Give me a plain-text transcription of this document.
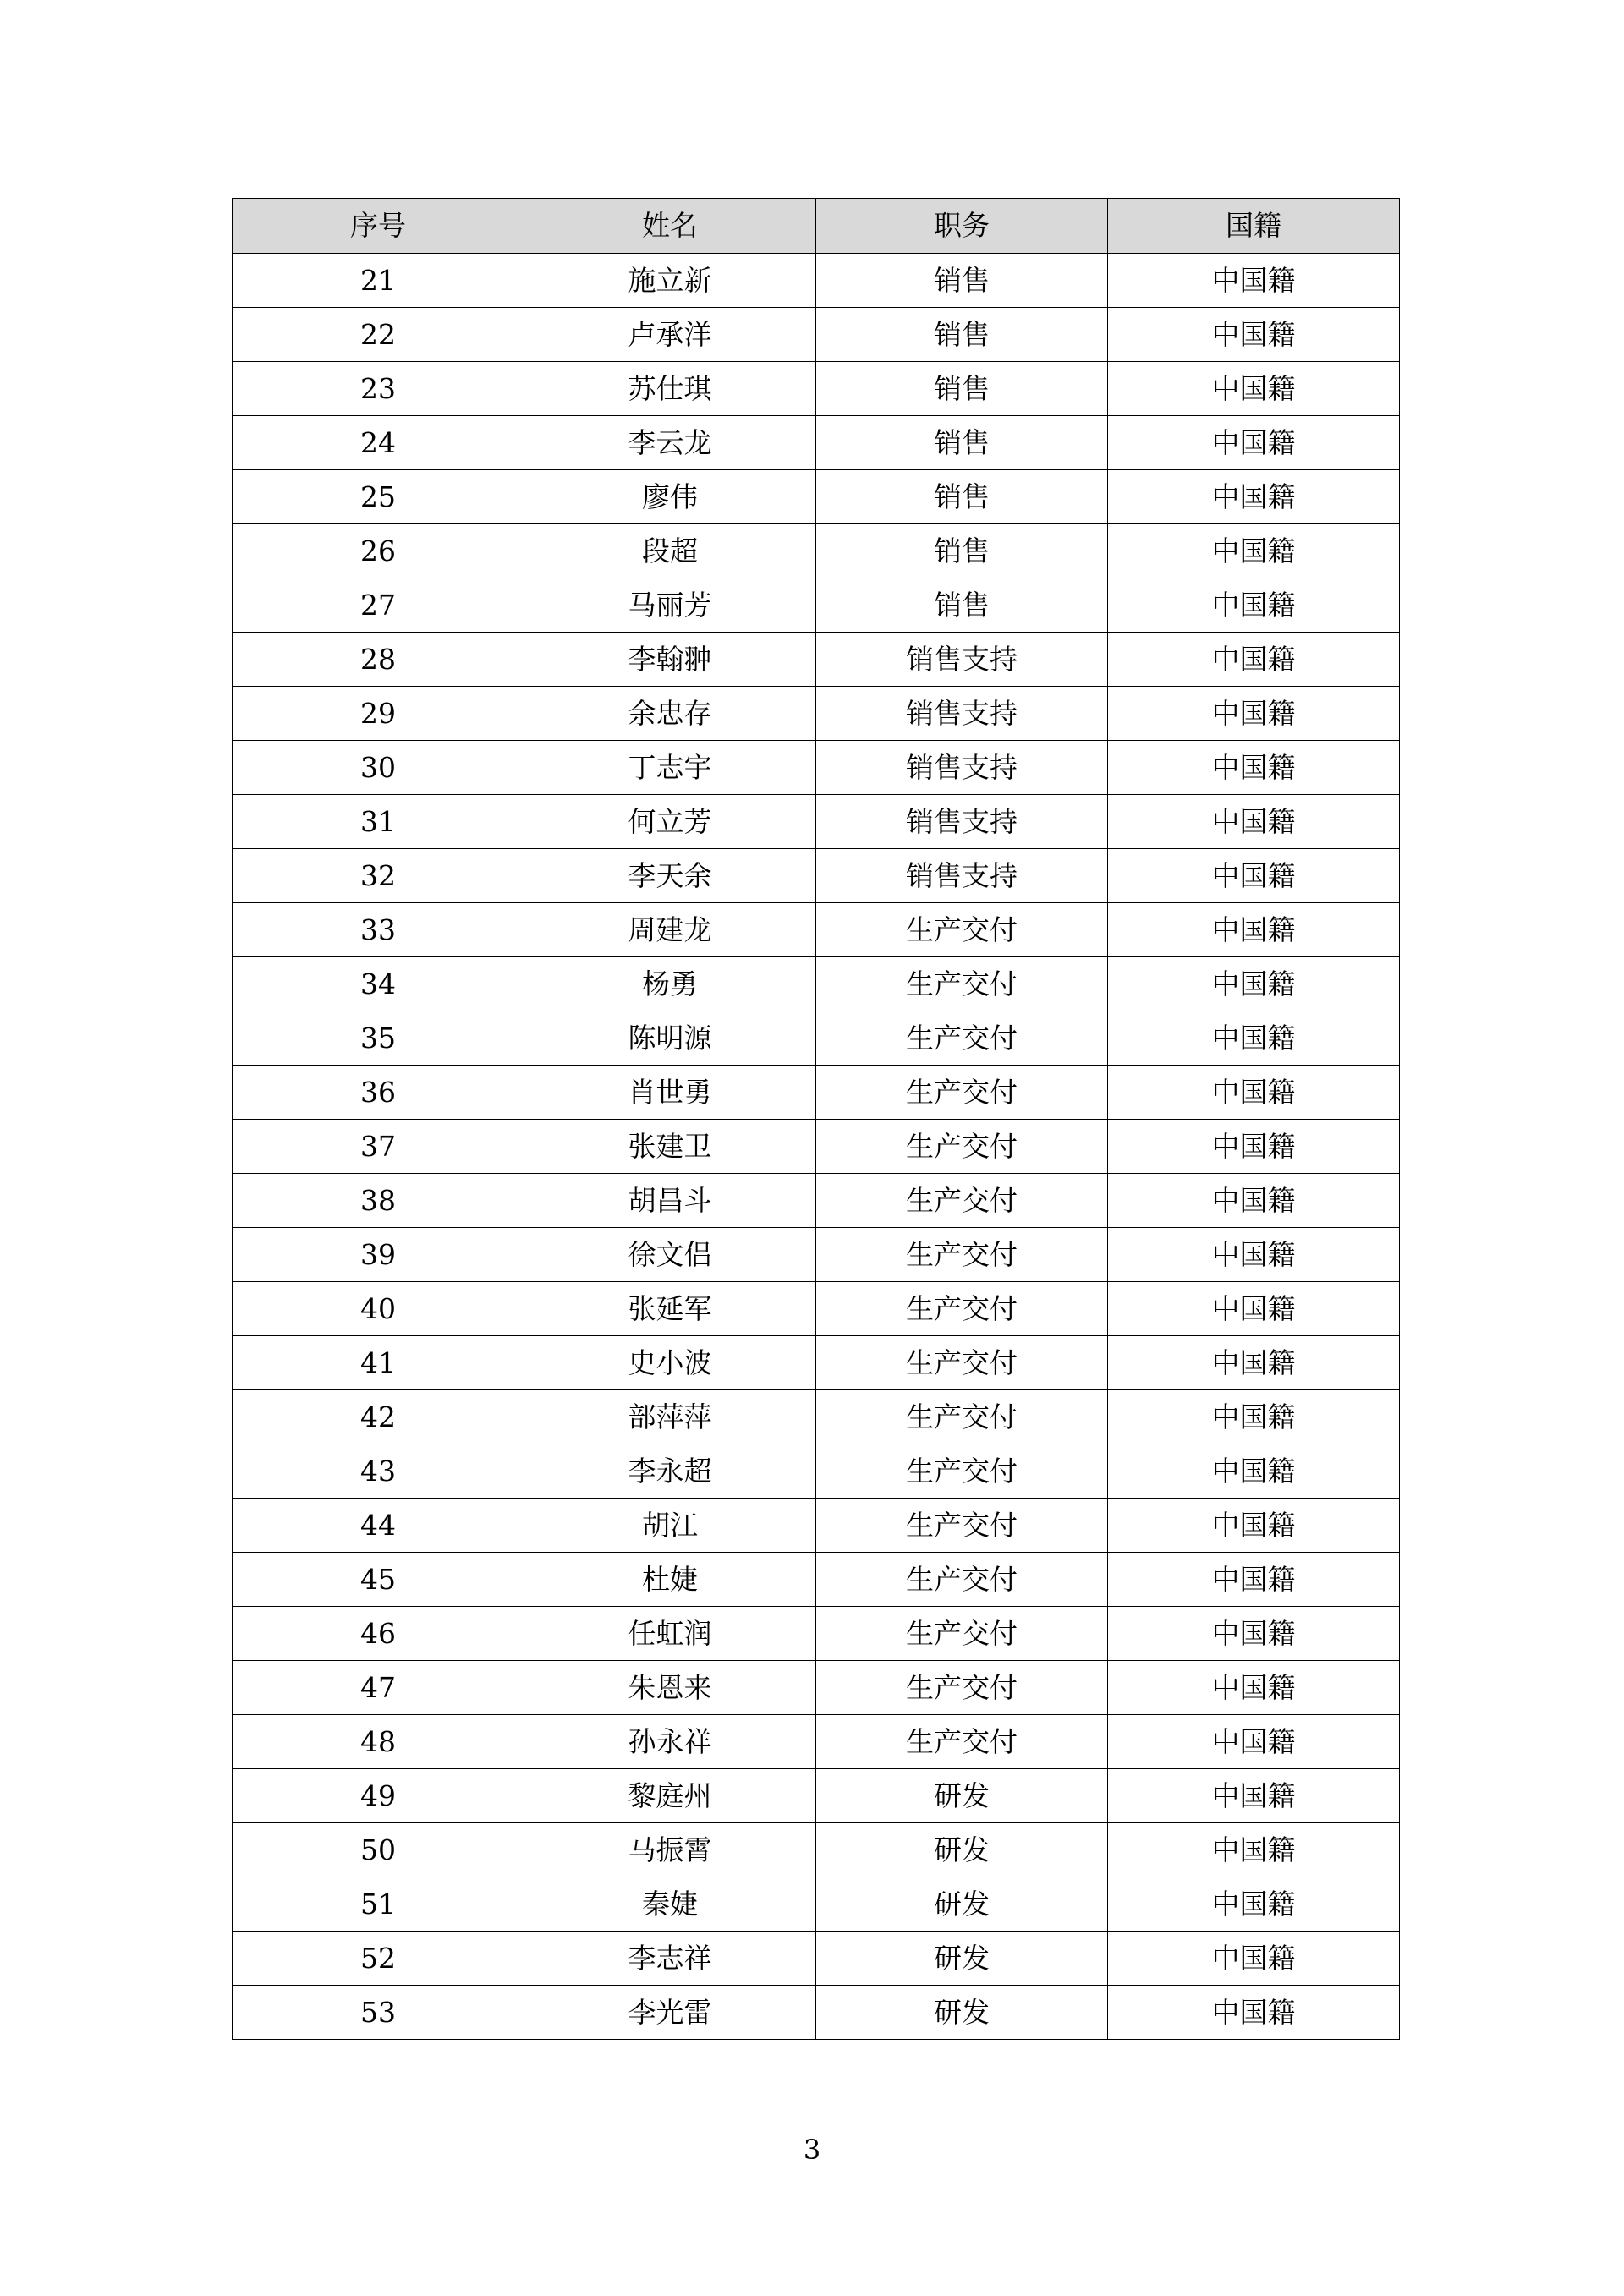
序号	姓名	职务	国籍
21	施立新	销售	中国籍
22	卢承洋	销售	中国籍
23	苏仕琪	销售	中国籍
24	李云龙	销售	中国籍
25	廖伟	销售	中国籍
26	段超	销售	中国籍
27	马丽芳	销售	中国籍
28	李翰翀	销售支持	中国籍
29	余忠存	销售支持	中国籍
30	丁志宇	销售支持	中国籍
31	何立芳	销售支持	中国籍
32	李天余	销售支持	中国籍
33	周建龙	生产交付	中国籍
34	杨勇	生产交付	中国籍
35	陈明源	生产交付	中国籍
36	肖世勇	生产交付	中国籍
37	张建卫	生产交付	中国籍
38	胡昌斗	生产交付	中国籍
39	徐文侣	生产交付	中国籍
40	张延军	生产交付	中国籍
41	史小波	生产交付	中国籍
42	部萍萍	生产交付	中国籍
43	李永超	生产交付	中国籍
44	胡江	生产交付	中国籍
45	杜婕	生产交付	中国籍
46	任虹润	生产交付	中国籍
47	朱恩来	生产交付	中国籍
48	孙永祥	生产交付	中国籍
49	黎庭州	研发	中国籍
50	马振霄	研发	中国籍
51	秦婕	研发	中国籍
52	李志祥	研发	中国籍
53	李光雷	研发	中国籍
3
